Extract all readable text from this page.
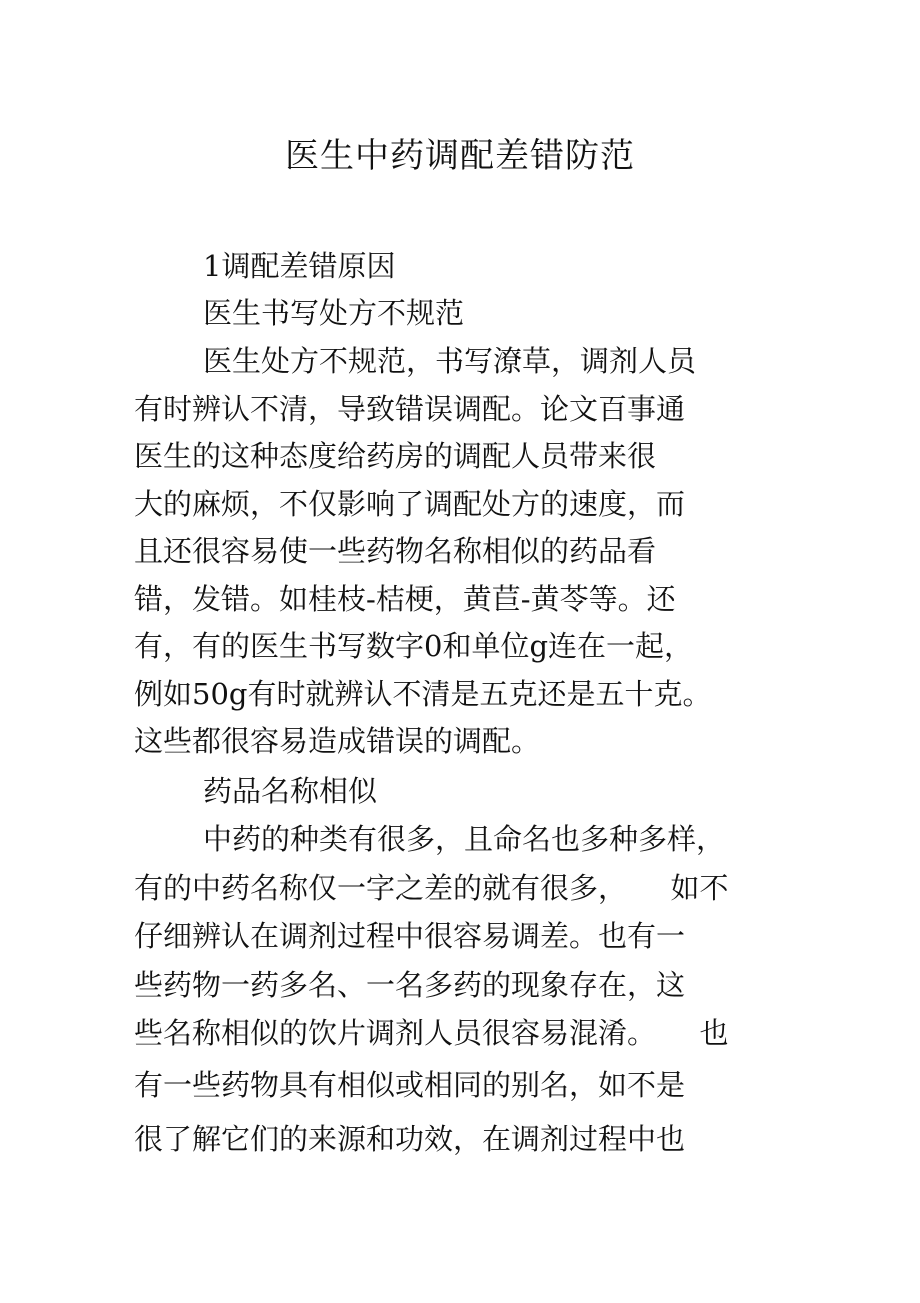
医生中药调配差错防范

1调配差错原因

医生书写处方不规范

医生处方不规范，书写潦草，调剂人员

有时辨认不清，导致错误调配。论文百事通

医生的这种态度给药房的调配人员带来很

大的麻烦，不仅影响了调配处方的速度，而

且还很容易使一些药物名称相似的药品看

错，发错。如桂枝-桔梗，黄苣-黄苓等。还

有，有的医生书写数字0和单位g连在一起，

例如50g有时就辨认不清是五克还是五十克。

这些都很容易造成错误的调配。

药品名称相似

中药的种类有很多，且命名也多种多样，

有的中药名称仅一字之差的就有很多，　　如不

仔细辨认在调剂过程中很容易调差。也有一

些药物一药多名、一名多药的现象存在，这

些名称相似的饮片调剂人员很容易混淆。　　也

有一些药物具有相似或相同的别名，如不是

很了解它们的来源和功效，在调剂过程中也
